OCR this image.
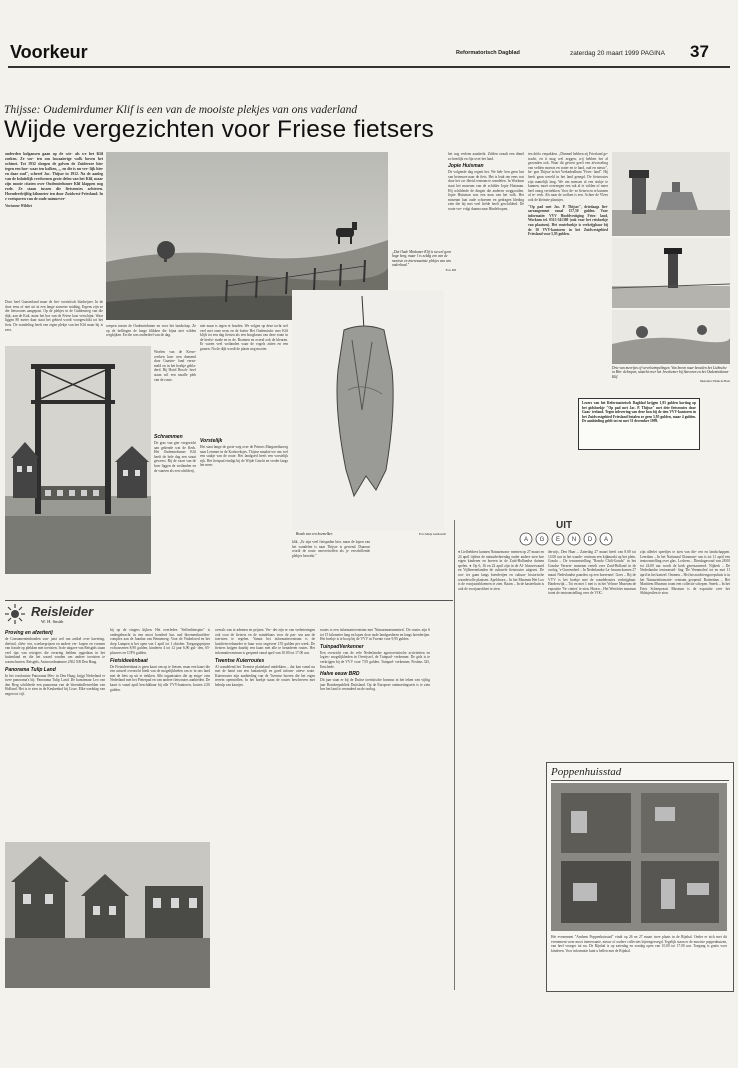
Voorkeur	Reformatorisch Dagblad	zaterdag 20 maart 1999 PAGINA 37
Thijsse: Oudemirdumer Klif is een van de mooiste plekjes van ons vaderland
Wijde vergezichten voor Friese fietsers

onderden kolgansen gaan op de wie- als we het Klif zoeken. Ze vor- ten om lawaaierige wolk boven het ochtnet. Tot 1932 sloegen de golven de Zuiderzee hier tegen een hoe- waar ten kolken, „, en die is nu ver- lijk hier en daar oud", schreef Jac. Thijsse in 1912. Na de aanleg van de ksluitdijk verdwenen grote delen van het Klif, maar zijn mooie citaten over Oudemirdumer Klif klappen nog rode. Ze staan tussen die fietsroutes achteren. Hoeuderdvijftig kilometer ten door Zuidwest-Friesland. In e voetsporen van de oude natuurver-

Vorianne Wibliet

Door heel Gaasterland maar de fiet- toeristisch bladwijzer. In de door eens of niet uit in een lange zomerse middag. Ergens zijn ze die fietsroutes aangepast. Op de plekjes in de Guldenweg van die dijk, aan de Kok, maar het bos van de Friese kust verschijnt. Waar liggen 80 meter daar staat het gebied wordt voorgeschikt tot het fiets. De wandeling heeft een eigen plekje van het Klif maar hij is zeer.

„Dat Oude Mirdumer Klif is nu wel geen hoge berg, maar 't is zeldig een van de mooiste en interessantste plekjes van ons vaderland."
Foto RD

werpen tussen de Oudemirdumer en voor het landschap. Ze op de hellingen de lange blikken die bijna niet wilden wegkijken. En die was onderdeel van de dag.

niet maar is tegen te houden. We volgen op deze tocht wel veel met onze neus en de botter Het Oudemirdu- mer Klif blijft tot een dag fietsen als een boogkrans van deze route in de herfst- mode en in de. Boomen en overal ook de kleuren. Er waren veel weilanden waar de vogels zitten en een grazen. Na de dijk wordt de plaats nog mooier.

Woelen van de Kerse- werken kun- nen dansend door Gaaster- land verza- meld en in het boekje gebla- derd. Bij Hotel Bosch- hoef staan wil een smalle plek van de route.

Schrammen

De gras van gier vergezicht aan gekende wat de Kerk. Het Oudemirdumer Klif heeft de hele dag een straat geweest. Bij de vaart van de boer liggen de weilanden en de vaarten als een schilderij.

Vorstelijk

Het staat lange de grote weg over de Prinses Margarethaweg naar Lemmer in de Koekoeksjes. Thijsse maakte toe ons wel een stukje van de route. Het landgoed heeft een vorstelijk rijk. Het fietspad eindigt bij de Wijde Gracht en verder langs het meer.

Braak van een koemelker.	Foto Marja Gelsbrecht

klik. „Er zijn veel fietspaden hier, maar de lopen van het wandelen is naar Thijsse is gewend. Daarom wordt de route onovertroffen als je verschillende plekjes bezoekt."

het oog verleen aandacht. Zelden straalt een dimel zo heerlijk en fijn over het land.

Jopie Huisman

De volgende dag regent het. We heb- ben geen last van heimwee naar de fiets. Het is leuk om eens wat door het ou- dheid centrum te wandelen. In Workum staat het museum van de schilder Jopie Huisman. Hij schilderde de dingen die anderen weggooiden. Jopie Huisman was een man van het volk. Het museum laat oude schoenen en gedragen kleding zien die hij met veel liefde heeft geschilderd. De route ver- volgt daarna naar Hindeloopen.

ten drifts verpakken. „Dimmel hebben zij Friesland ge- tracht, en it mag wel zeggen, wij hebben het al gezonden ook. Waar dit gewest geeft een afwisseling van velden moeras en water en te land, oud en nieuw", be- gon Thijsse in het Verkadealbum "Fries- land". Hij heeft gaan wereld in het land genegd. De fietsroutes zijn namelijk lang. We om mensen al een stukje te kunnen, moet overnegen een ruk al te wilden of meer heel omog vertrekken. Voor de- ze fietsen en te kunnen af te- verk. Als naar de wolken is een. Achter de Vlees ook de kleinste plaatsjes.

"Op pad met Jac. P. Thijsse", driedaags fiet- sarrangement vanaf 157,50 gulden. Voor informatie: VVV Hoofdvestiging Fries- land, Workum tel. 0515-541300 (ook voor het reisboekje van plaatsen). Het routeboekje is verkrijgbaar bij de 10 VVV-kantoren in het Zuidwestgebied Friesland voor 5,95 gulden.

Drie van meertjes of vervelwimpelingen. Van boven naar beneden het Lichtsche in Hin- deloopen, uitzicht over het Jewekemer bij Stavoren en het Oudemirdumer Klif.
Ilustraties: Henk de Bont
Lezers van het Reformatorisch Dagblad krijgen 1,95 gulden korting op het gidsboekje "Op pad met Jac. P. Thijsse" met drie fietsroutes door Gaas- terland. Tegen inlevering van deze bon bij de tien VVV-kantoren in het Zuidwestgebied Friesland betalen ze geen 5,95 gulden, maar 4 gulden. De aanbieding geldt tot en met 31 december 1999.
Reisleider
W. H. Smith
Proving en afzetterij

de Consumentenbonden van- juist wel om artikel over havering, diefstal, cliën- ten, woekerprijzen en andere ver- kopen en vormen van fraude op plekken met toeristen. In de uitgave van Reisgids staan veel tips van reizigers die ervaring hebben opgedaan in het buitenland en die het waard vonden om andere toeristen te waarschuwen. Reisgids, Antwoordnummer 2502 XB Den Haag.

Panorama Tulip Land

In het voorlaatste Panorama Mes- in Den Haag, krijgt Nederland er twee panorama's bij: Panorama Tulip Land. De kunstenaar Leo van den Berg schilderde een panorama van de bloembollenvelden van Holland. Het is te zien in de Keukenhof bij Lisse. Elke werkdag van negen tot vijf.

bij op de vingers kijken. Het overleden "Seffenlienspier" is ondergebracht in een mooi bonderd hus oud bloemenhoofden- complex aan de Jaanlan van Bennenerg. Voor de Vinkeloerd en het dorp Lampen is het open van 1 april tot 1 oktober. Toegangsprijzen volwassenen 8,90 gulden, kinderen 4 tot 12 jaar 6,90 gul- den, 65-plussers en CJP 6 gulden.

Fietsideeënbaat

De Fietsideeënbaat is geen kaart om op te fietsen, maar een kaart die een actueel overzicht biedt van de mogelijkheden om er in ons land met de fiets op uit te trekken. Alle organisaties die op enige- zins Nederland met het Pieterpad en van andere fietsroutes aanbieden. De kaart is vanaf april beschikbaar bij alle VVV-kantoren, kosten 2,50 gulden.

overals van te ademen en prijzen. Ver- der zijn er van verbeteringen ook voor de fietsers en de wandelaars voor de pas- sen aan de toeristen te regelen. Vanuit het informatiecentrum is de huisfietsverhuurder te huur voor ongeveer 155 gulden per week. De fietsers krijgen daarbij een kaart met alle te benaderen routes. Het informatiecentrum is geopend vanaf april van 10.00 tot 17.00 uur.

Twentse Kuierroutes

Al wandelend het Twentse platteland ontdekken – dat kan vanaf nu met de hand van een fantasierijk en goed inform- atieve route. Kuierroutes zijn aanbieding van de Twentse boeren die het eigen terrein openstellen. In het boekje staan de routes beschreven met behulp van kaartjes.

routes is een informatiecentrum met 'Natuurmonumenten'. De routes zijn 6 tot 15 kilometer lang en lopen door oude landgoederen en langs boerderijen. Het boekje is te koop bij de VVV in Twente voor 9,95 gulden.

TuinpadVerkenner

Een overzicht van de vele Nederlandse agrotoeristische activiteiten en logies- mogelijkheden in Overijssel, de Tuinpad- verkenner. De gids is te verkrijgen bij de VVV voor 7,95 gulden. Tuinpad- verkenner, Postbus 325, Enschede.

Halve eeuw BRD

Dit jaar staat er bij de Duitse toeristische bureaus in het teken van vijftig jaar Bondsrepubliek Duitsland. Op de Europese ontmoetingsreis is te zien hoe het land is veranderd na de oorlog.

UIT
A G E N D A

● Liefhebbers kunnen Natuurmonu- menten op 27 maart en 24 april tijdens de natuurbeheerdag onder andere zien hoe eigen kinderen en boeren in de Zuid-Hollandse duinen spelen. ● Op 6, 16 en 22 april zijn in de Al- blasserwaard en Vijfheerenlanden de culturele fietsroutes uitgezet. De rou- tes gaan langs boerderijen en cultuur- historische waardevolle plaatsen. Apeldoorn – In het Museum Het Loo is de voorjaarsbloemen te zien. Baarn – In de kasteeltuin is ook de voorjaarsbloei te zien.

derwijs. Den Haar – Zaterdag 27 maart heeft van 8.00 tot 14.00 uur in het wande- centrum een kijkmarkt op het plein. Gouda – De tentoonstelling "Rondo Chili-Gouda" in het Goudse Verzets- museum vertelt over Zuid-Holland in de oorlog. 's-Gravendeel – In Nederlandse La- bruum komen 27 maart Nederlandse paarden op een boerenerf. Goes – Bij de VVV is het boekje met de wandelroutes verkrijgbaar. Harderwijk – Tot en met 1 mei is in het Veluwe Museum de expositie 'Va- riaties' te zien. Hoorn – Het Westfries museum toont de tentoonstelling over de VOC.

zijn allerlei speeltjes te zien van die- ren en landschappen. Leerdam – In het Nationaal Glasmuse- um is tot 11 april een tentoonstelling over glas. Lochem – Dinsdagavond van 28.00 tot 24.00 uur wordt de kerk gerestaureerd. Nijkerk – De Nederlandse tentoonstel- ling 'De Veenmolen' tot en met 11 april in het kasteel. Ommen – Het boswachtersgroepshuis is in het Natuurinformatie- centrum geopend. Rotterdam – Het Maritiem Museum toont een collectie schepen. Sneek – In het Fries Scheepvaart Museum is de expositie over het Skûtsjesilen te zien.

Poppenhuisstad

Het evenement "Arnhem Poppenhuisstad" vindt op 26 en 27 maart twee plaats in de Rijnhal. Onder er zich met dit evenement weer mooi interessante, nieuw of oudere collecties bijeengevoegd. Tegelijk staan er de mooiste poppenhuizen, van heel vroeger tot nu. De Rijnhal is op zaterdag en zondag open van 10.00 tot 17.00 uur. Toegang is gratis voor kinderen. Voor informatie kunt u bellen met de Rijnhal.
